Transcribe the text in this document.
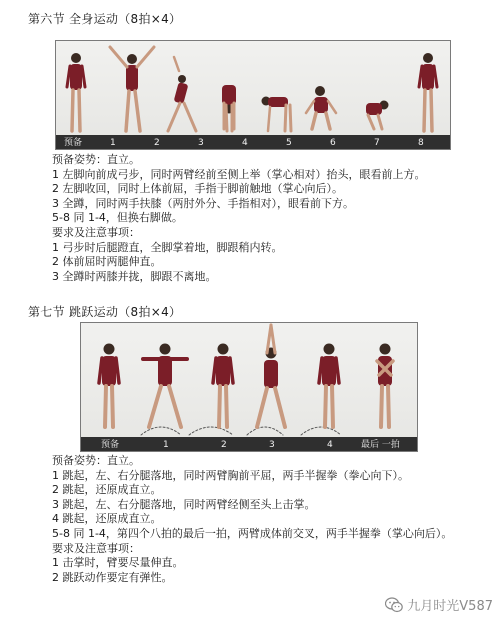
第六节 全身运动（8拍×4）
预备	1	2	3	4	5	6	7	8
预备姿势：直立。
1 左脚向前成弓步，同时两臂经前至侧上举（掌心相对）抬头，眼看前上方。
2 左脚收回，同时上体前屈，手指于脚前触地（掌心向后）。
3 全蹲，同时两手扶膝（两肘外分、手指相对），眼看前下方。
5-8 同 1-4，但换右脚做。
要求及注意事项：
1 弓步时后腿蹬直，全脚掌着地，脚跟稍内转。
2 体前屈时两腿伸直。
3 全蹲时两膝并拢，脚跟不离地。
第七节 跳跃运动（8拍×4）
预备	1	2	3	4	最后 一拍
预备姿势：直立。
1 跳起，左、右分腿落地，同时两臂胸前平屈，两手半握拳（拳心向下）。
2 跳起，还原成直立。
3 跳起，左、右分腿落地，同时两臂经侧至头上击掌。
4 跳起，还原成直立。
5-8 同 1-4，第四个八拍的最后一拍，两臂成体前交叉，两手半握拳（掌心向后）。
要求及注意事项：
1 击掌时，臂要尽量伸直。
2 跳跃动作要定有弹性。
九月时光V587
